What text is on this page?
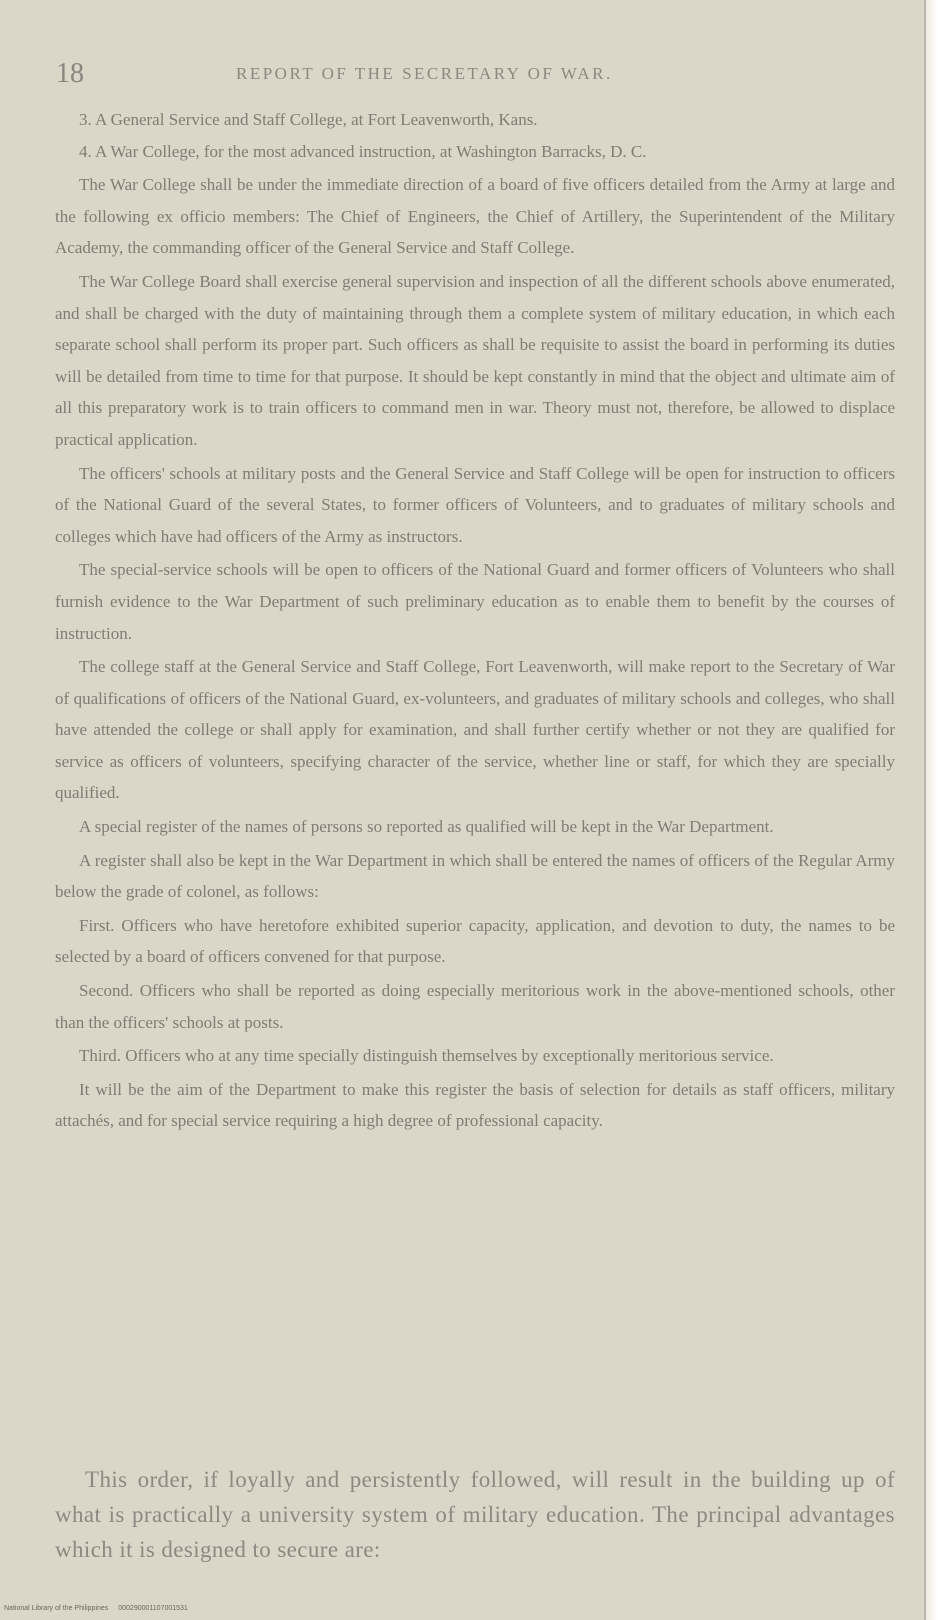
18	REPORT OF THE SECRETARY OF WAR.

3. A General Service and Staff College, at Fort Leavenworth, Kans.

4. A War College, for the most advanced instruction, at Washington Barracks, D. C.

The War College shall be under the immediate direction of a board of five officers detailed from the Army at large and the following ex officio members: The Chief of Engineers, the Chief of Artillery, the Superintendent of the Military Academy, the commanding officer of the General Service and Staff College.

The War College Board shall exercise general supervision and inspection of all the different schools above enumerated, and shall be charged with the duty of maintaining through them a complete system of military education, in which each separate school shall perform its proper part. Such officers as shall be requisite to assist the board in performing its duties will be detailed from time to time for that purpose. It should be kept constantly in mind that the object and ultimate aim of all this preparatory work is to train officers to command men in war. Theory must not, therefore, be allowed to displace practical application.

The officers' schools at military posts and the General Service and Staff College will be open for instruction to officers of the National Guard of the several States, to former officers of Volunteers, and to graduates of military schools and colleges which have had officers of the Army as instructors.

The special-service schools will be open to officers of the National Guard and former officers of Volunteers who shall furnish evidence to the War Department of such preliminary education as to enable them to benefit by the courses of instruction.

The college staff at the General Service and Staff College, Fort Leavenworth, will make report to the Secretary of War of qualifications of officers of the National Guard, ex-volunteers, and graduates of military schools and colleges, who shall have attended the college or shall apply for examination, and shall further certify whether or not they are qualified for service as officers of volunteers, specifying character of the service, whether line or staff, for which they are specially qualified.

A special register of the names of persons so reported as qualified will be kept in the War Department.

A register shall also be kept in the War Department in which shall be entered the names of officers of the Regular Army below the grade of colonel, as follows:

First. Officers who have heretofore exhibited superior capacity, application, and devotion to duty, the names to be selected by a board of officers convened for that purpose.

Second. Officers who shall be reported as doing especially meritorious work in the above-mentioned schools, other than the officers' schools at posts.

Third. Officers who at any time specially distinguish themselves by exceptionally meritorious service.

It will be the aim of the Department to make this register the basis of selection for details as staff officers, military attachés, and for special service requiring a high degree of professional capacity.

This order, if loyally and persistently followed, will result in the building up of what is practically a university system of military education. The principal advantages which it is designed to secure are:

National Library of the Philippines 000290001107001531
